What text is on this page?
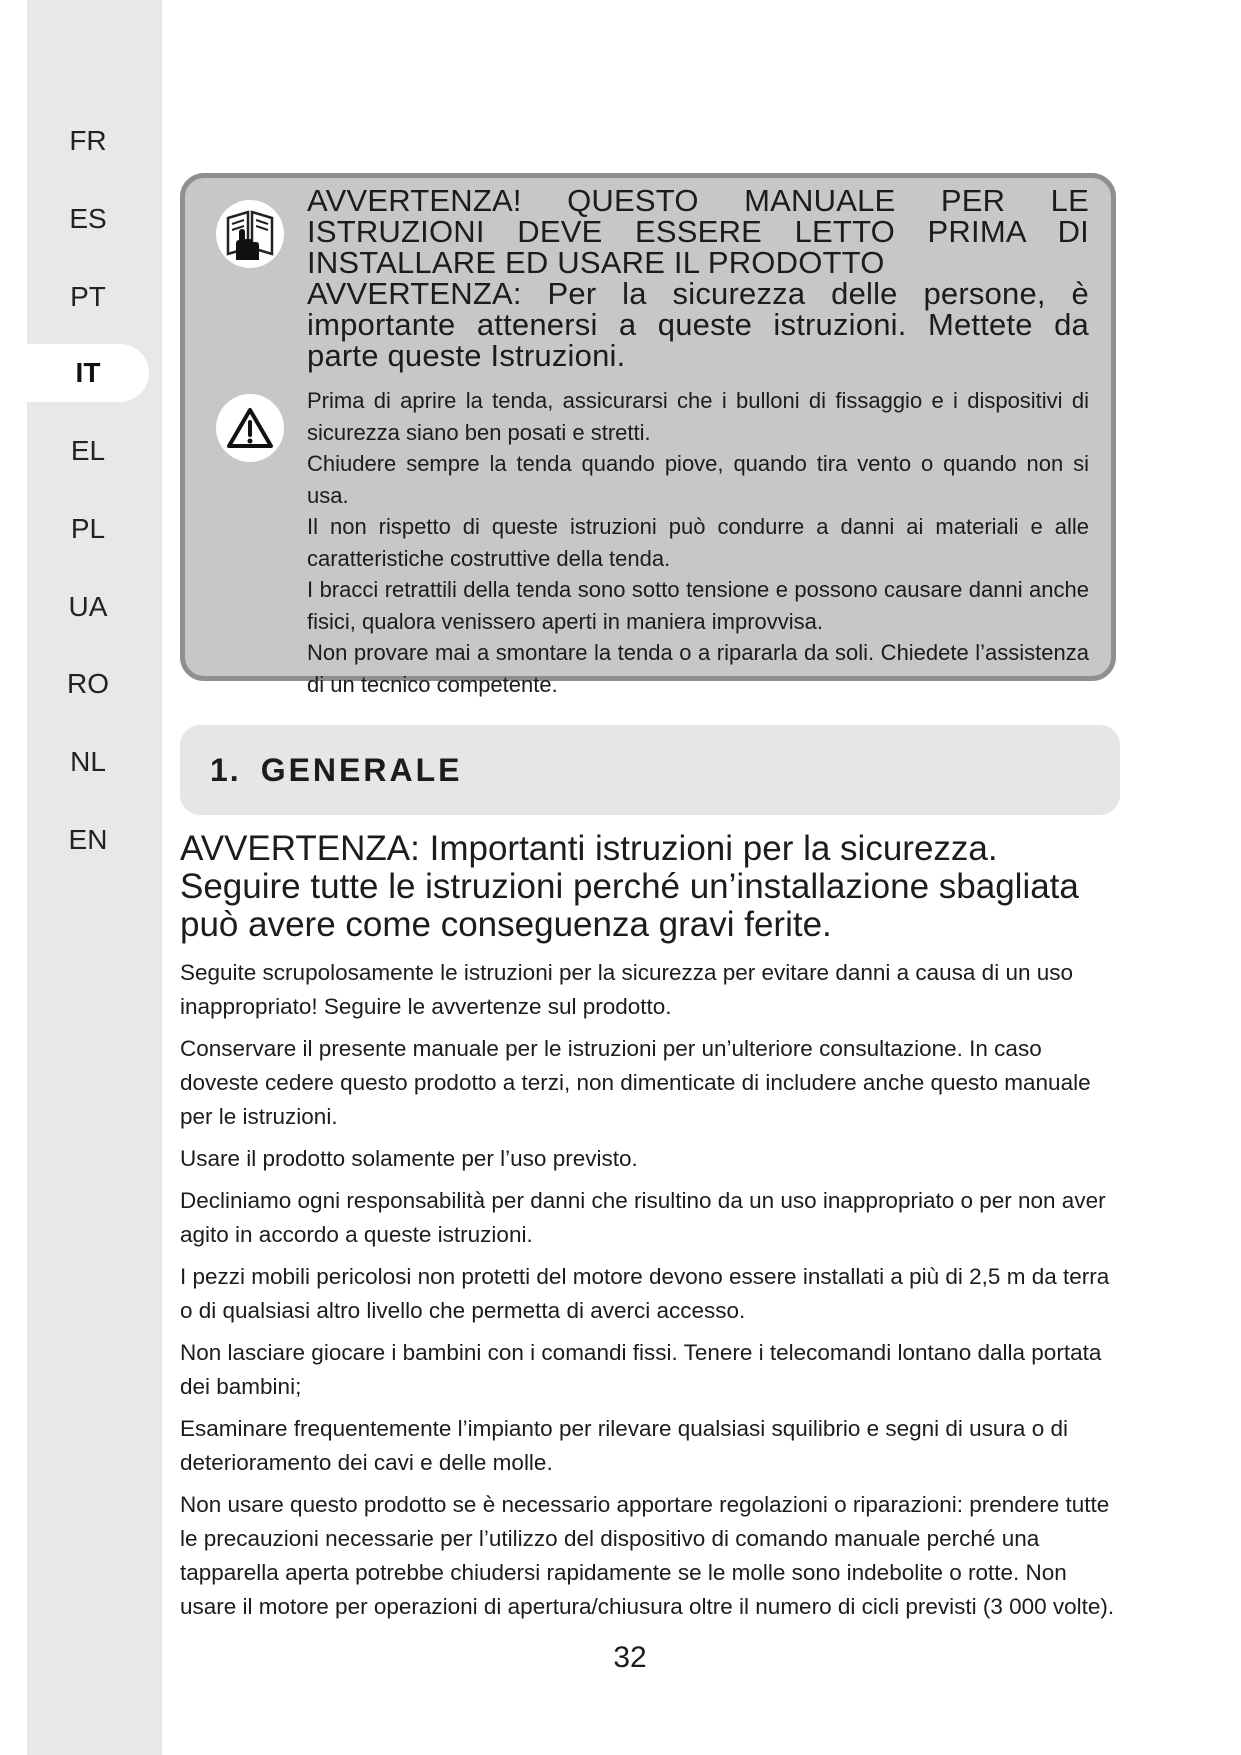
FR
ES
PT
IT
EL
PL
UA
RO
NL
EN

AVVERTENZA! QUESTO MANUALE PER LE ISTRUZIONI DEVE ESSERE LETTO PRIMA DI INSTALLARE ED USARE IL PRODOTTO

AVVERTENZA: Per la sicurezza delle persone, è importante attenersi a queste istruzioni. Mettete da parte queste Istruzioni.

Prima di aprire la tenda, assicurarsi che i bulloni di fissaggio e i dispositivi di sicurezza siano ben posati e stretti.

Chiudere sempre la tenda quando piove, quando tira vento o quando non si usa.

Il non rispetto di queste istruzioni può condurre a danni ai materiali e alle caratteristiche costruttive della tenda.

I bracci retrattili della tenda sono sotto tensione e possono causare danni anche fisici, qualora venissero aperti in maniera improvvisa.

Non provare mai a smontare la tenda o a ripararla da soli. Chiedete l’assistenza di un tecnico competente.

1. GENERALE

AVVERTENZA: Importanti istruzioni per la sicurezza.

Seguire tutte le istruzioni perché un’installazione sbagliata può avere come conseguenza gravi ferite.

Seguite scrupolosamente le istruzioni per la sicurezza per evitare danni a causa di un uso inappropriato! Seguire le avvertenze sul prodotto.

Conservare il presente manuale per le istruzioni per un’ulteriore consultazione. In caso doveste cedere questo prodotto a terzi, non dimenticate di includere anche questo manuale per le istruzioni.

Usare il prodotto solamente per l’uso previsto.

Decliniamo ogni responsabilità per danni che risultino da un uso inappropriato o per non aver agito in accordo a queste istruzioni.

I pezzi mobili pericolosi non protetti del motore devono essere installati a più di 2,5 m da terra o di qualsiasi altro livello che permetta di averci accesso.

Non lasciare giocare i bambini con i comandi fissi. Tenere i telecomandi lontano dalla portata dei bambini;

Esaminare frequentemente l’impianto per rilevare qualsiasi squilibrio e segni di usura o di deterioramento dei cavi e delle molle.

Non usare questo prodotto se è necessario apportare regolazioni o riparazioni: prendere tutte le precauzioni necessarie per l’utilizzo del dispositivo di comando manuale perché una tapparella aperta potrebbe chiudersi rapidamente se le molle sono indebolite o rotte. Non usare il motore per operazioni di apertura/chiusura oltre il numero di cicli previsti (3 000 volte).

32
